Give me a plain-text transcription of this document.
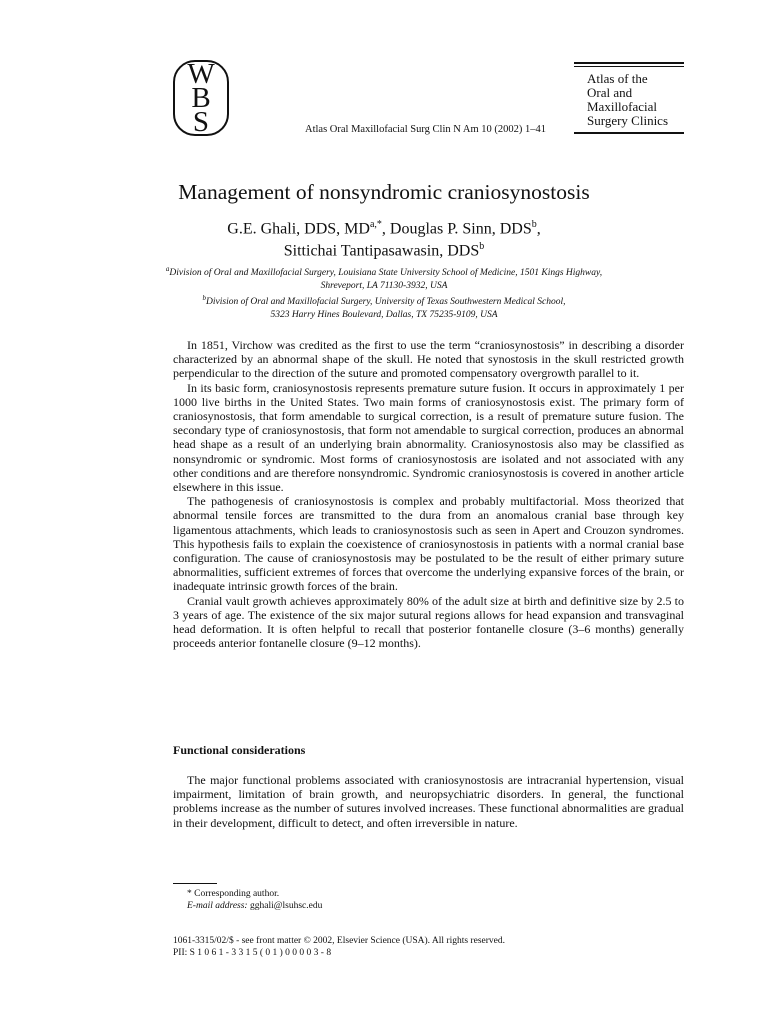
W
B
S	Atlas Oral Maxillofacial Surg Clin N Am 10 (2002) 1–41
Atlas of the
Oral and
Maxillofacial
Surgery Clinics
Management of nonsyndromic craniosynostosis
G.E. Ghali, DDS, $MD^{a,*}$, Douglas P. Sinn, DDS$^b$,
Sittichai Tantipasawasin, DDS$^b$
$^a$Division of Oral and Maxillofacial Surgery, Louisiana State University School of Medicine, 1501 Kings Highway,
Shreveport, LA 71130-3932, USA
$^b$Division of Oral and Maxillofacial Surgery, University of Texas Southwestern Medical School,
5323 Harry Hines Boulevard, Dallas, TX 75235-9109, USA

In 1851, Virchow was credited as the first to use the term “craniosynostosis” in describing a disorder characterized by an abnormal shape of the skull. He noted that synostosis in the skull restricted growth perpendicular to the direction of the suture and promoted compensatory overgrowth parallel to it.

In its basic form, craniosynostosis represents premature suture fusion. It occurs in approximately 1 per 1000 live births in the United States. Two main forms of craniosynostosis exist. The primary form of craniosynostosis, that form amendable to surgical correction, is a result of premature suture fusion. The secondary type of craniosynostosis, that form not amendable to surgical correction, produces an abnormal head shape as a result of an underlying brain abnormality. Craniosynostosis also may be classified as nonsyndromic or syndromic. Most forms of craniosynostosis are isolated and not associated with any other conditions and are therefore nonsyndromic. Syndromic craniosynostosis is covered in another article elsewhere in this issue.

The pathogenesis of craniosynostosis is complex and probably multifactorial. Moss theorized that abnormal tensile forces are transmitted to the dura from an anomalous cranial base through key ligamentous attachments, which leads to craniosynostosis such as seen in Apert and Crouzon syndromes. This hypothesis fails to explain the coexistence of craniosynostosis in patients with a normal cranial base configuration. The cause of craniosynostosis may be postulated to be the result of either primary suture abnormalities, sufficient extremes of forces that overcome the underlying expansive forces of the brain, or inadequate intrinsic growth forces of the brain.

Cranial vault growth achieves approximately 80% of the adult size at birth and definitive size by 2.5 to 3 years of age. The existence of the six major sutural regions allows for head expansion and transvaginal head deformation. It is often helpful to recall that posterior fontanelle closure (3–6 months) generally proceeds anterior fontanelle closure (9–12 months).

Functional considerations

The major functional problems associated with craniosynostosis are intracranial hypertension, visual impairment, limitation of brain growth, and neuropsychiatric disorders. In general, the functional problems increase as the number of sutures involved increases. These functional abnormalities are gradual in their development, difficult to detect, and often irreversible in nature.

* Corresponding author.
E-mail address: gghali@lsuhsc.edu
1061-3315/02/$ - see front matter © 2002, Elsevier Science (USA). All rights reserved.
PII: S 1 0 6 1 - 3 3 1 5 ( 0 1 ) 0 0 0 0 3 - 8
